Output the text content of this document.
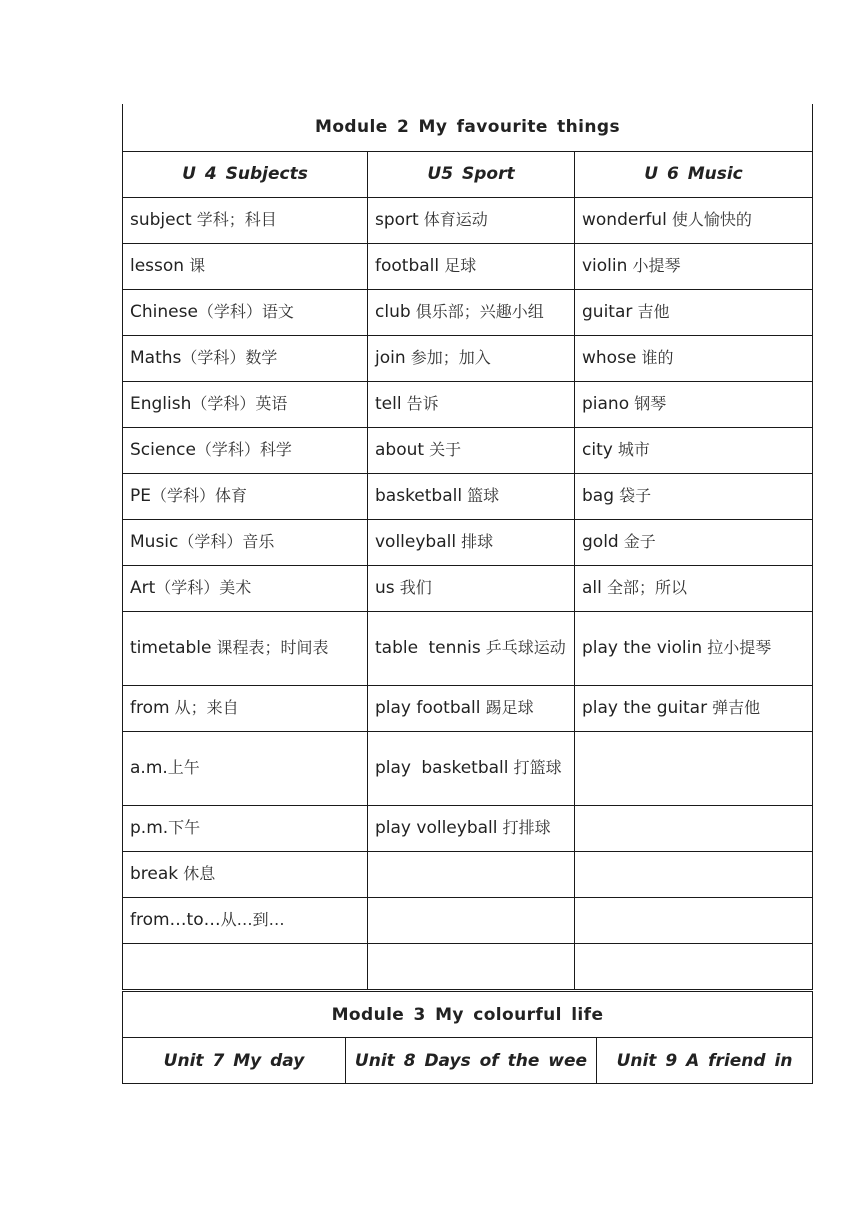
Module 2 My favourite things		
U 4 Subjects	U5 Sport	U 6 Music
subject 学科；科目	sport 体育运动	wonderful 使人愉快的
lesson 课	football 足球	violin 小提琴
Chinese（学科）语文	club 俱乐部；兴趣小组	guitar 吉他
Maths（学科）数学	join 参加；加入	whose 谁的
English（学科）英语	tell 告诉	piano 钢琴
Science（学科）科学	about 关于	city 城市
PE（学科）体育	basketball 篮球	bag 袋子
Music（学科）音乐	volleyball 排球	gold 金子
Art（学科）美术	us 我们	all 全部；所以
timetable 课程表；时间表	table tennis 乒乓球运动	play the violin 拉小提琴
from 从；来自	play football 踢足球	play the guitar 弹吉他
a.m.上午	play basketball 打篮球	
p.m.下午	play volleyball 打排球	
break 休息		
from…to…从…到…		

Module 3 My colourful life
Unit 7 My day	Unit 8 Days of the wee	Unit 9 A friend in
